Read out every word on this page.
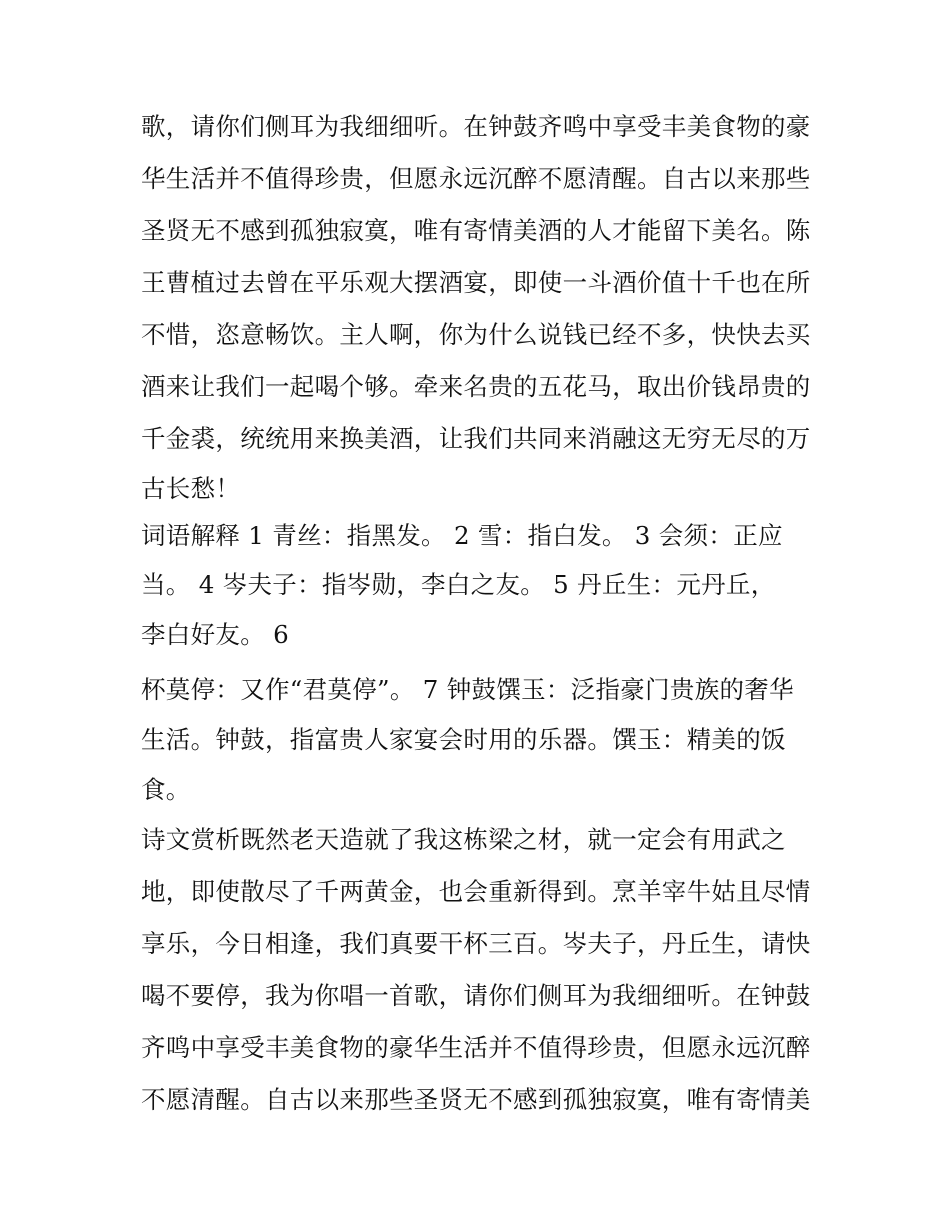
歌，请你们侧耳为我细细听。在钟鼓齐鸣中享受丰美食物的豪
华生活并不值得珍贵，但愿永远沉醉不愿清醒。自古以来那些
圣贤无不感到孤独寂寞，唯有寄情美酒的人才能留下美名。陈
王曹植过去曾在平乐观大摆酒宴，即使一斗酒价值十千也在所
不惜，恣意畅饮。主人啊，你为什么说钱已经不多，快快去买
酒来让我们一起喝个够。牵来名贵的五花马，取出价钱昂贵的
千金裘，统统用来换美酒，让我们共同来消融这无穷无尽的万
古长愁！
词语解释 1 青丝：指黑发。 2 雪：指白发。 3 会须：正应
当。 4 岑夫子：指岑勋，李白之友。 5 丹丘生：元丹丘，
李白好友。 6
杯莫停：又作“君莫停”。 7 钟鼓馔玉：泛指豪门贵族的奢华
生活。钟鼓，指富贵人家宴会时用的乐器。馔玉：精美的饭
食。
诗文赏析既然老天造就了我这栋梁之材，就一定会有用武之
地，即使散尽了千两黄金，也会重新得到。烹羊宰牛姑且尽情
享乐，今日相逢，我们真要干杯三百。岑夫子，丹丘生，请快
喝不要停，我为你唱一首歌，请你们侧耳为我细细听。在钟鼓
齐鸣中享受丰美食物的豪华生活并不值得珍贵，但愿永远沉醉
不愿清醒。自古以来那些圣贤无不感到孤独寂寞，唯有寄情美
